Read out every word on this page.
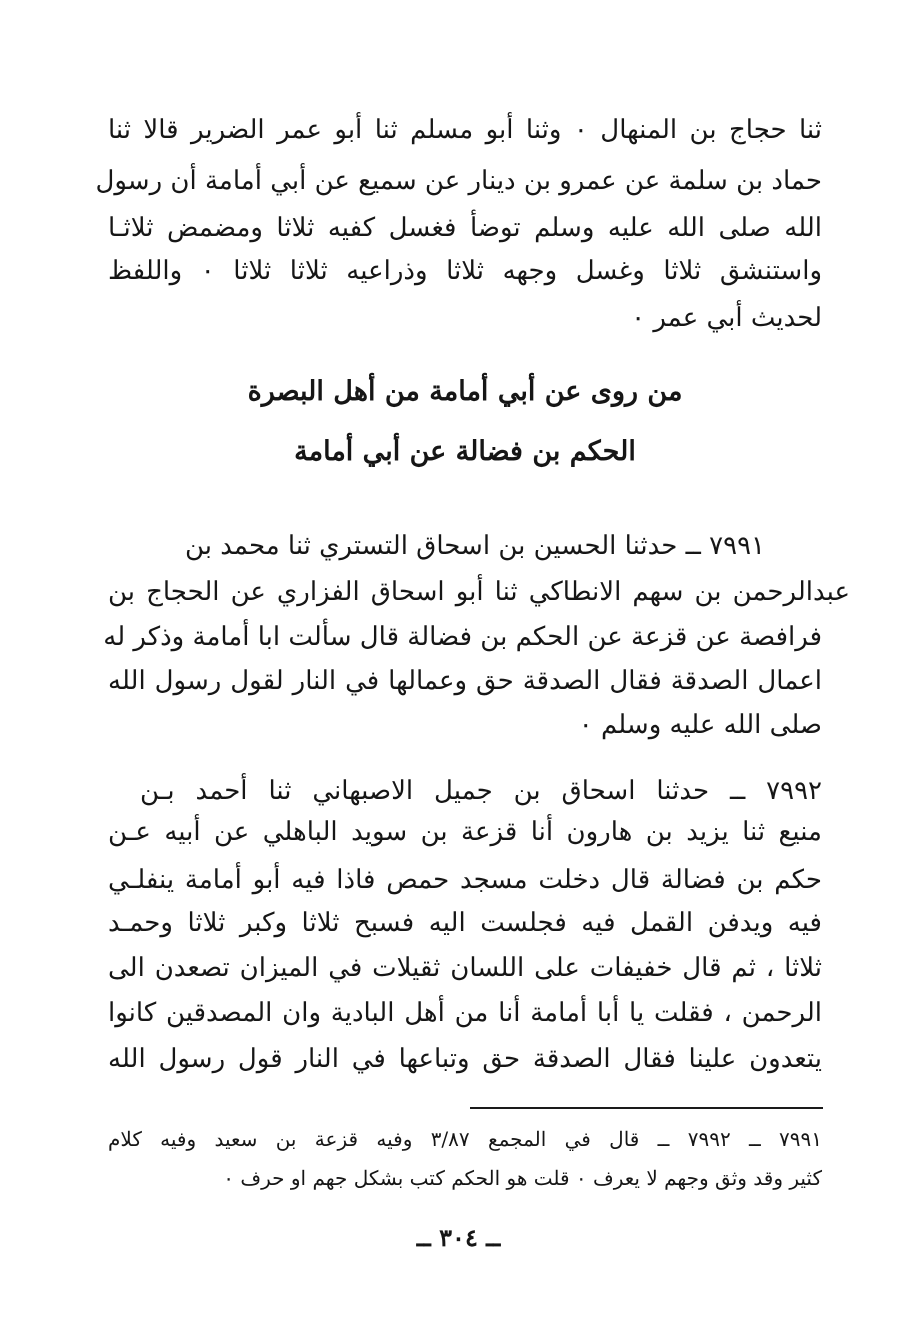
ثنا حجاج بن المنهال ٠ وثنا أبو مسلم ثنا أبو عمر الضرير قالا ثنا
حماد بن سلمة عن عمرو بن دينار عن سميع عن أبي أمامة أن رسول
الله صلى الله عليه وسلم توضأ فغسل كفيه ثلاثا ومضمض ثلاثـا
واستنشق ثلاثا وغسل وجهه ثلاثا وذراعيه ثلاثا ثلاثا ٠ واللفظ
لحديث أبي عمر ٠
من روى عن أبي أمامة من أهل البصرة
الحكم بن فضالة عن أبي أمامة
٧٩٩١ ــ حدثنا الحسين بن اسحاق التستري ثنا محمد بن
عبدالرحمن بن سهم الانطاكي ثنا أبو اسحاق الفزاري عن الحجاج بن
فرافصة عن قزعة عن الحكم بن فضالة قال سألت ابا أمامة وذكر له
اعمال الصدقة فقال الصدقة حق وعمالها في النار لقول رسول الله
صلى الله عليه وسلم ٠
٧٩٩٢ ــ حدثنا اسحاق بن جميل الاصبهاني ثنا أحمد بـن
منيع ثنا يزيد بن هارون أنا قزعة بن سويد الباهلي عن أبيه عـن
حكم بن فضالة قال دخلت مسجد حمص فاذا فيه أبو أمامة ينفلـي
فيه ويدفن القمل فيه فجلست اليه فسبح ثلاثا وكبر ثلاثا وحمـد
ثلاثا ، ثم قال خفيفات على اللسان ثقيلات في الميزان تصعدن الى
الرحمن ، فقلت يا أبا أمامة أنا من أهل البادية وان المصدقين كانوا
يتعدون علينا فقال الصدقة حق وتباعها في النار قول رسول الله
٧٩٩١ ــ ٧٩٩٢ ــ قال في المجمع ٣/٨٧ وفيه قزعة بن سعيد وفيه كلام
كثير وقد وثق وجهم لا يعرف ٠ قلت هو الحكم كتب بشكل جهم او حرف ٠
ــ ٣٠٤ ــ
